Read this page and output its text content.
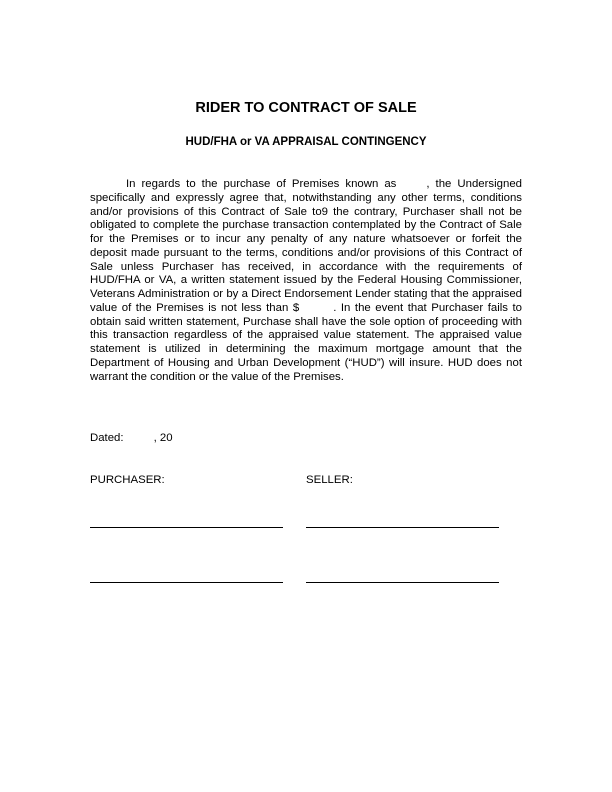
RIDER TO CONTRACT OF SALE
HUD/FHA or VA APPRAISAL CONTINGENCY

In regards to the purchase of Premises known as	, the Undersigned specifically and expressly agree that, notwithstanding any other terms, conditions and/or provisions of this Contract of Sale to9 the contrary, Purchaser shall not be obligated to complete the purchase transaction contemplated by the Contract of Sale for the Premises or to incur any penalty of any nature whatsoever or forfeit the deposit made pursuant to the terms, conditions and/or provisions of this Contract of Sale unless Purchaser has received, in accordance with the requirements of HUD/FHA or VA, a written statement issued by the Federal Housing Commissioner, Veterans Administration or by a Direct Endorsement Lender stating that the appraised value of the Premises is not less than $	. In the event that Purchaser fails to obtain said written statement, Purchase shall have the sole option of proceeding with this transaction regardless of the appraised value statement. The appraised value statement is utilized in determining the maximum mortgage amount that the Department of Housing and Urban Development (“HUD”) will insure. HUD does not warrant the condition or the value of the Premises.

Dated:	, 20
PURCHASER:	SELLER:
